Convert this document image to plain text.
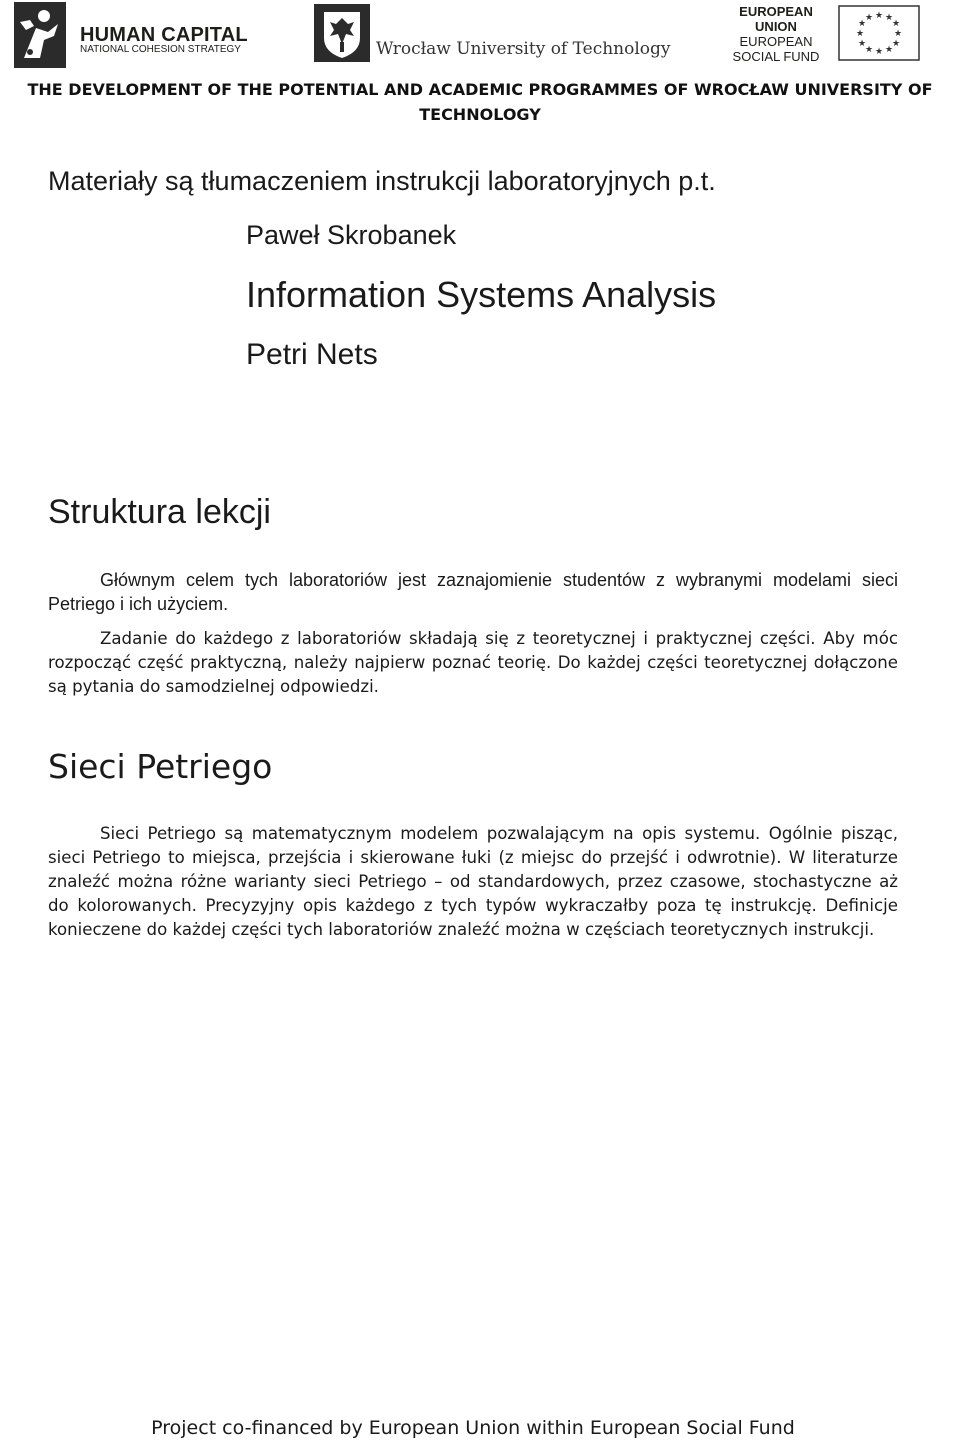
HUMAN CAPITAL
NATIONAL COHESION STRATEGY	Wrocław University of Technology
EUROPEAN
UNION
EUROPEAN
SOCIAL FUND
★ ★
★
★
★
★
★
★
★
★
★
★
THE DEVELOPMENT OF THE POTENTIAL AND ACADEMIC PROGRAMMES OF WROCŁAW UNIVERSITY OF
TECHNOLOGY
Materiały są tłumaczeniem instrukcji laboratoryjnych p.t.
Paweł Skrobanek
Information Systems Analysis
Petri Nets
Struktura lekcji

Głównym celem tych laboratoriów jest zaznajomienie studentów z wybranymi modelami sieci Petriego i ich użyciem.

Zadanie do każdego z laboratoriów składają się z teoretycznej i praktycznej części. Aby móc rozpocząć część praktyczną, należy najpierw poznać teorię. Do każdej części teoretycznej dołączone są pytania do samodzielnej odpowiedzi.

Sieci Petriego

Sieci Petriego są matematycznym modelem pozwalającym na opis systemu. Ogólnie pisząc, sieci Petriego to miejsca, przejścia i skierowane łuki (z miejsc do przejść i odwrotnie). W literaturze znaleźć można różne warianty sieci Petriego – od standardowych, przez czasowe, stochastyczne aż do kolorowanych. Precyzyjny opis każdego z tych typów wykraczałby poza tę instrukcję. Definicje konieczene do każdej części tych laboratoriów znaleźć można w częściach teoretycznych instrukcji.

Project co-financed by European Union within European Social Fund
